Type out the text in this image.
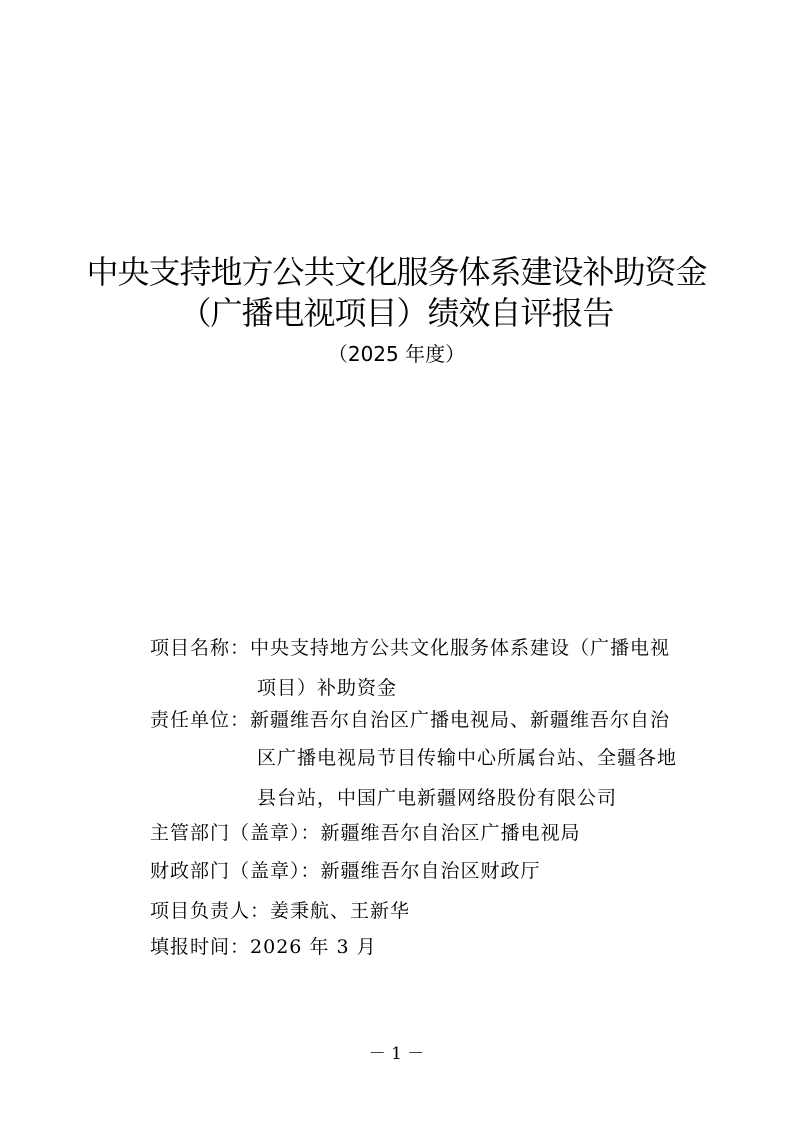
中央支持地方公共文化服务体系建设补助资金
（广播电视项目）绩效自评报告
（2025 年度）
项目名称：中央支持地方公共文化服务体系建设（广播电视
项目）补助资金
责任单位：新疆维吾尔自治区广播电视局、新疆维吾尔自治
区广播电视局节目传输中心所属台站、全疆各地
县台站，中国广电新疆网络股份有限公司
主管部门（盖章）：新疆维吾尔自治区广播电视局
财政部门（盖章）：新疆维吾尔自治区财政厅
项目负责人：姜秉航、王新华
填报时间：2026 年 3 月
－ 1 －
